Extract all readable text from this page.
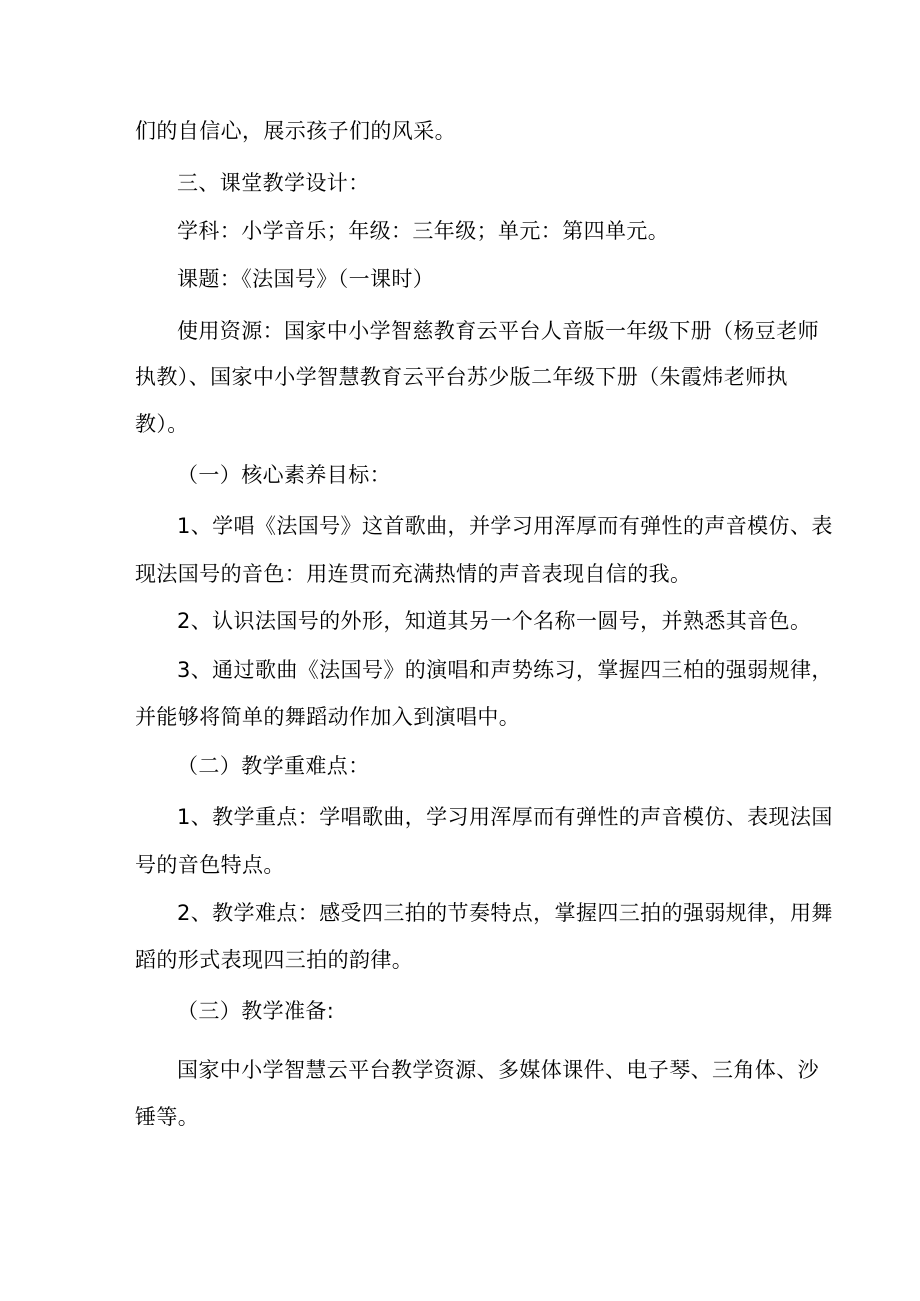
们的自信心，展示孩子们的风采。
三、课堂教学设计：
学科：小学音乐；年级：三年级；单元：第四单元。
课题：《法国号》（一课时）
使用资源：国家中小学智慈教育云平台人音版一年级下册（杨豆老师
执教）、国家中小学智慧教育云平台苏少版二年级下册（朱霞炜老师执
教）。
（一）核心素养目标：
1、学唱《法国号》这首歌曲，并学习用浑厚而有弹性的声音模仿、表
现法国号的音色：用连贯而充满热情的声音表现自信的我。
2、认识法国号的外形，知道其另一个名称一圆号，并熟悉其音色。
3、通过歌曲《法国号》的演唱和声势练习，掌握四三柏的强弱规律，
并能够将简单的舞蹈动作加入到演唱中。
（二）教学重难点：
1、教学重点：学唱歌曲，学习用浑厚而有弹性的声音模仿、表现法国
号的音色特点。
2、教学难点：感受四三拍的节奏特点，掌握四三拍的强弱规律，用舞
蹈的形式表现四三拍的韵律。
（三）教学准备:
国家中小学智慧云平台教学资源、多媒体课件、电子琴、三角体、沙
锤等。
